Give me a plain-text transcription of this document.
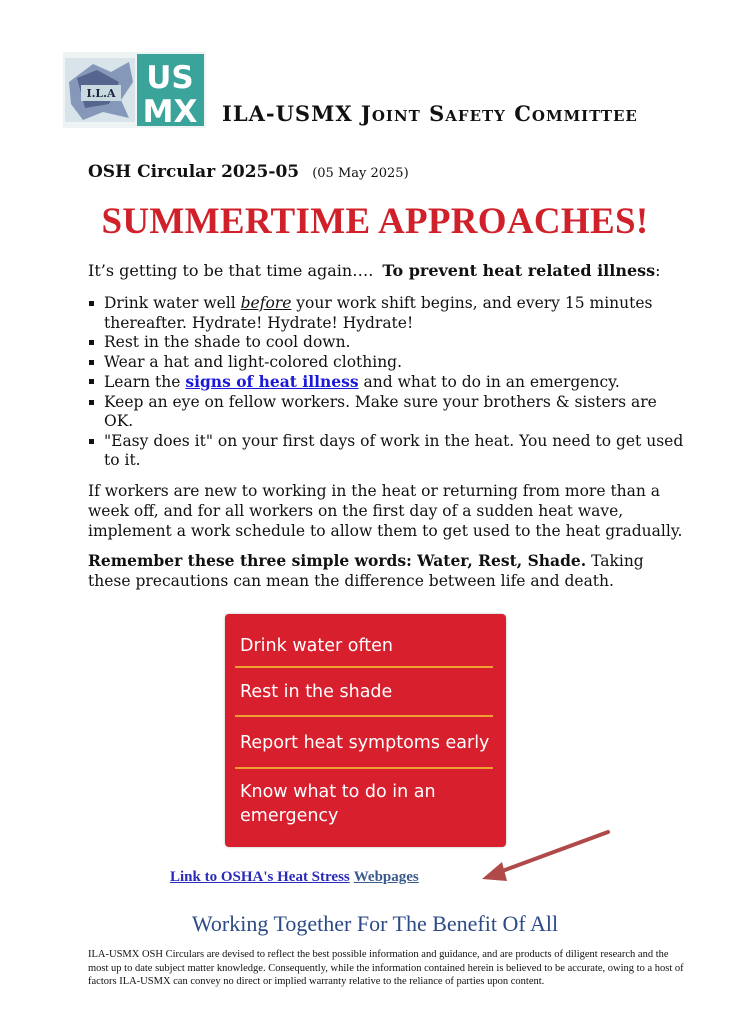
I.L.A US
MX ILA-USMX Joint Safety Committee
OSH Circular 2025-05 (05 May 2025)
SUMMERTIME APPROACHES!
It’s getting to be that time again…. To prevent heat related illness:
Drink water well before your work shift begins, and every 15 minutes thereafter. Hydrate! Hydrate! Hydrate!
Rest in the shade to cool down.
Wear a hat and light-colored clothing.
Learn the signs of heat illness and what to do in an emergency.
Keep an eye on fellow workers. Make sure your brothers & sisters are OK.
"Easy does it" on your first days of work in the heat. You need to get used to it.

If workers are new to working in the heat or returning from more than a week off, and for all workers on the first day of a sudden heat wave, implement a work schedule to allow them to get used to the heat gradually.

Remember these three simple words: Water, Rest, Shade. Taking these precautions can mean the difference between life and death.

Drink water often
Rest in the shade
Report heat symptoms early
Know what to do in an emergency
Link to OSHA's Heat Stress Webpages
Working Together For The Benefit Of All
ILA-USMX OSH Circulars are devised to reflect the best possible information and guidance, and are products of diligent research and the most up to date subject matter knowledge. Consequently, while the information contained herein is believed to be accurate, owing to a host of factors ILA-USMX can convey no direct or implied warranty relative to the reliance of parties upon content.
